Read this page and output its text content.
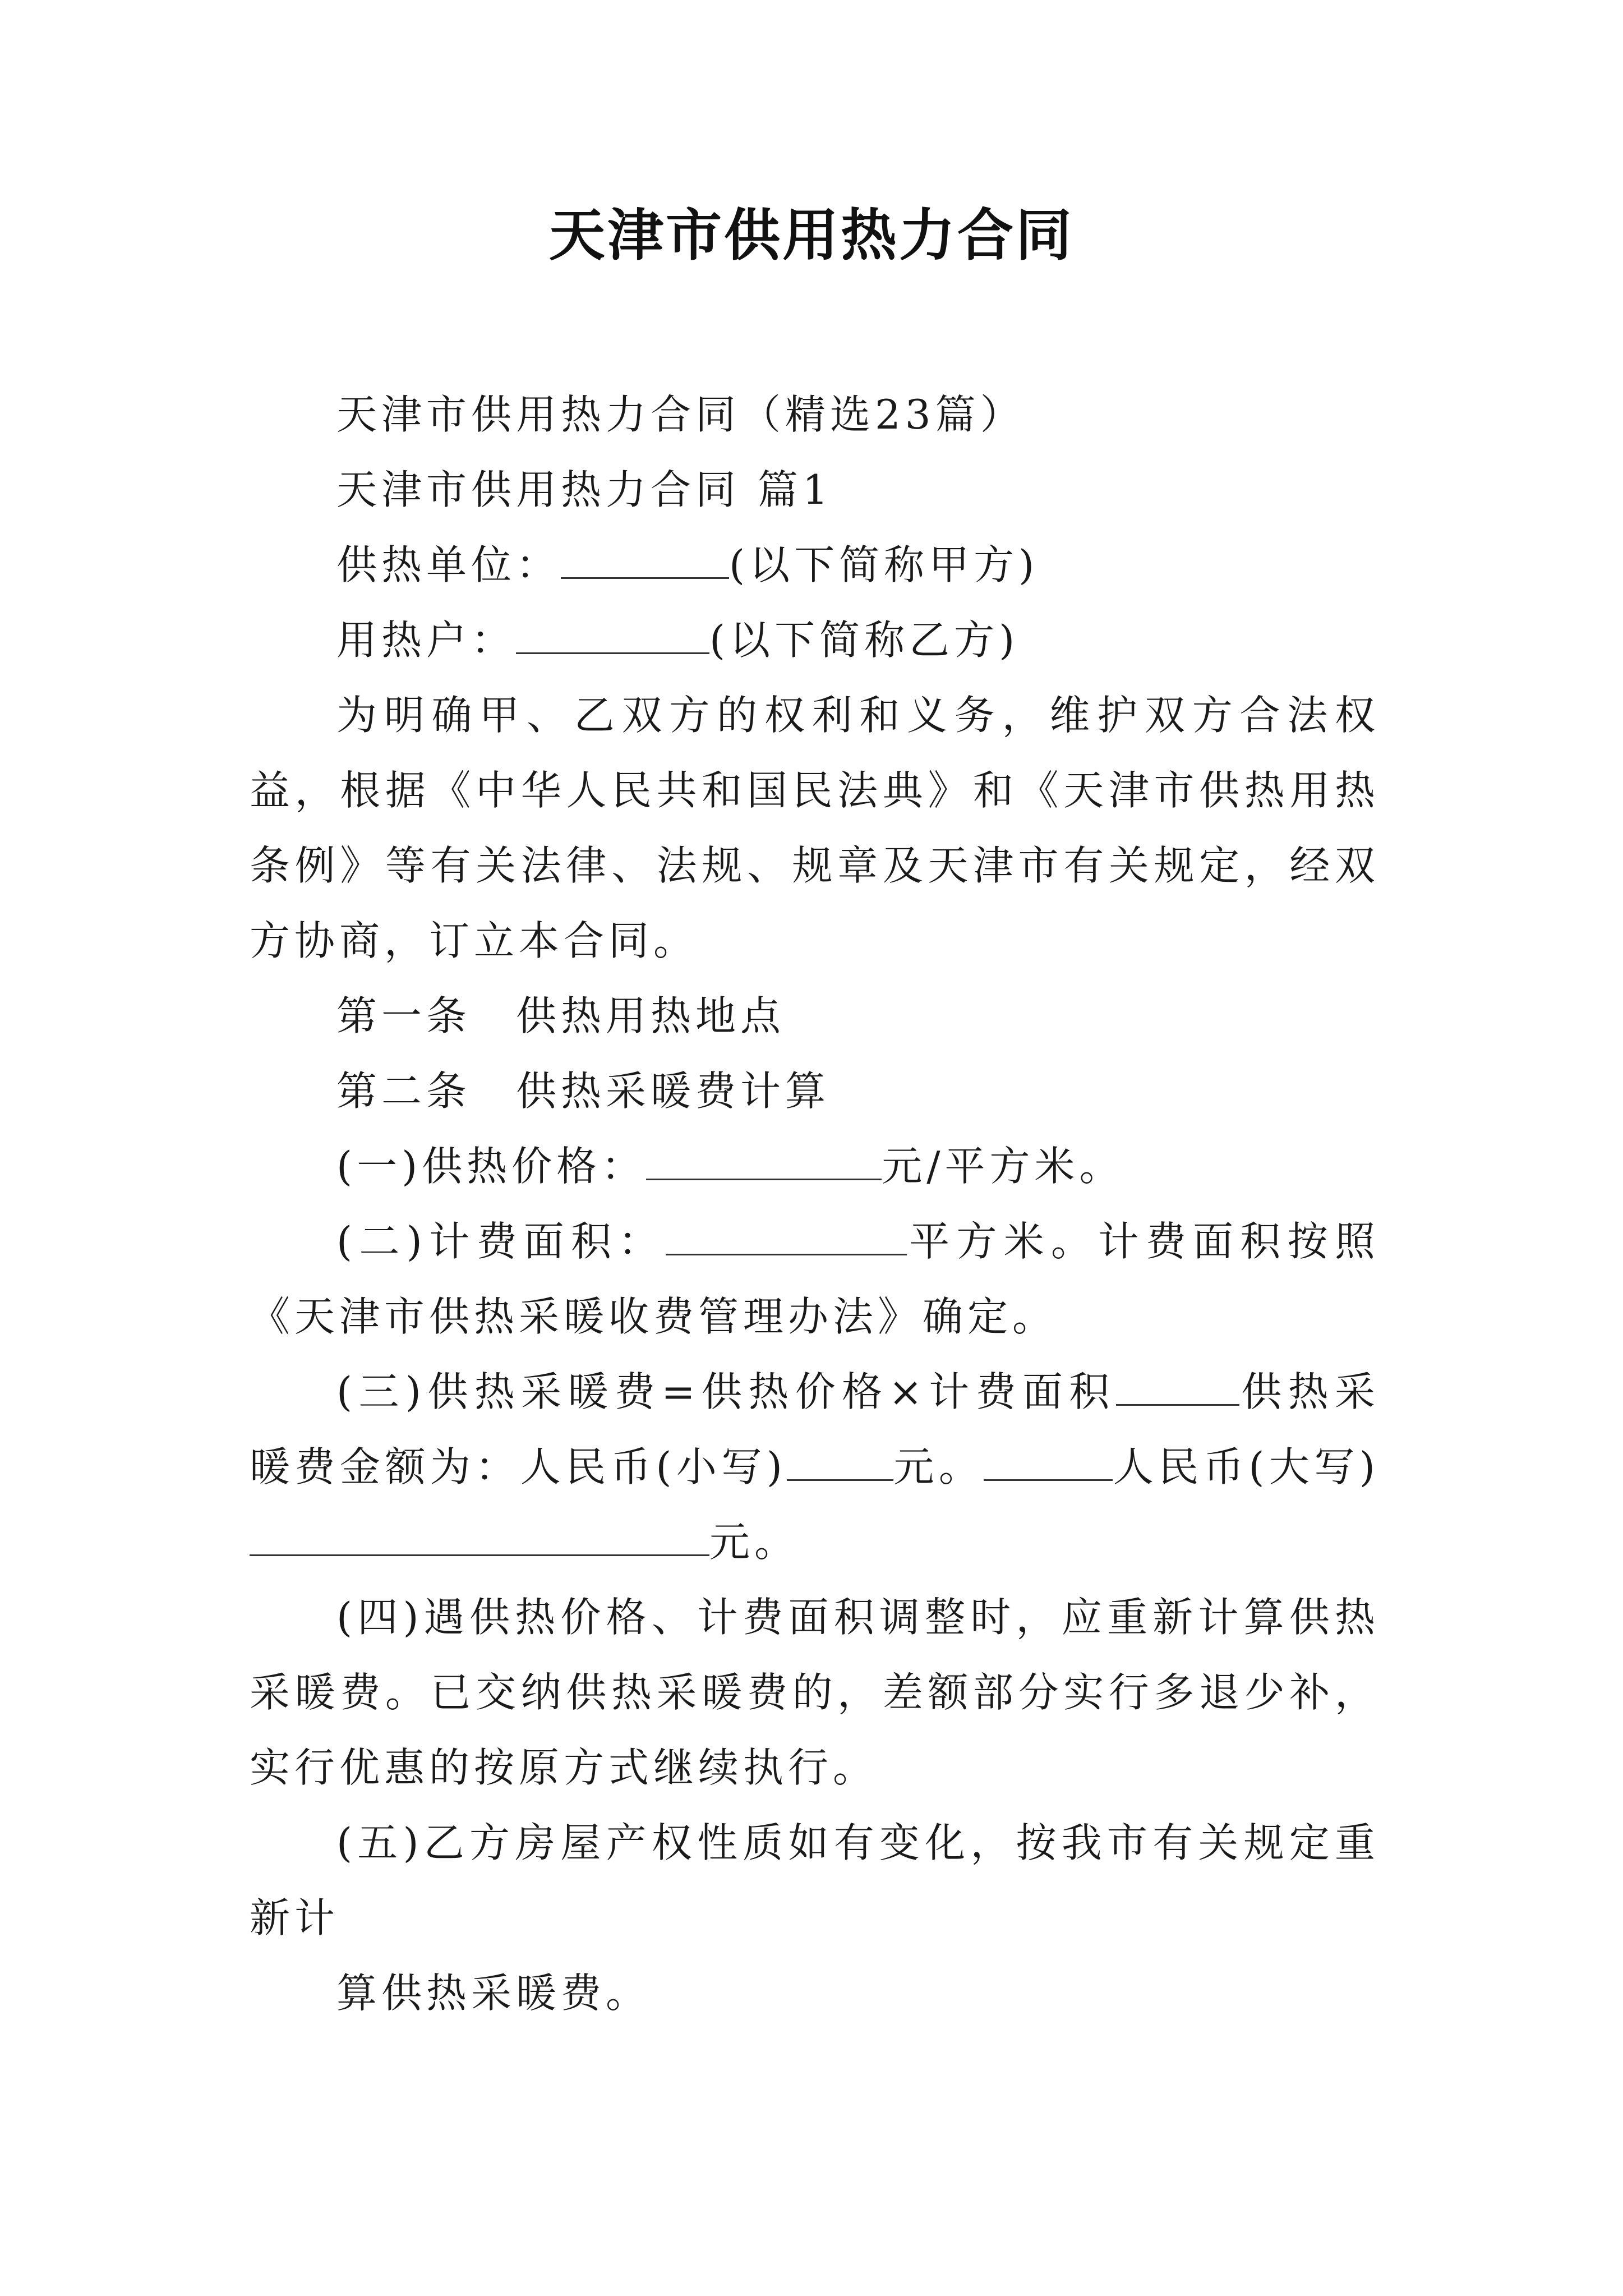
天津市供用热力合同

天津市供用热力合同（精选23篇）

天津市供用热力合同 篇1

供热单位：	(以下简称甲方)

用热户：	(以下简称乙方)

为明确甲、乙双方的权利和义务，维护双方合法权益，根据《中华人民共和国民法典》和《天津市供热用热条例》等有关法律、法规、规章及天津市有关规定，经双方协商，订立本合同。

第一条　供热用热地点

第二条　供热采暖费计算

(一)供热价格：	元/平方米。

(二)计费面积：	平方米。计费面积按照《天津市供热采暖收费管理办法》确定。

(三)供热采暖费=供热价格×计费面积	供热采暖费金额为：人民币(小写)	元。	人民币(大写)元。

(四)遇供热价格、计费面积调整时，应重新计算供热采暖费。已交纳供热采暖费的，差额部分实行多退少补，实行优惠的按原方式继续执行。

(五)乙方房屋产权性质如有变化，按我市有关规定重新计

算供热采暖费。
